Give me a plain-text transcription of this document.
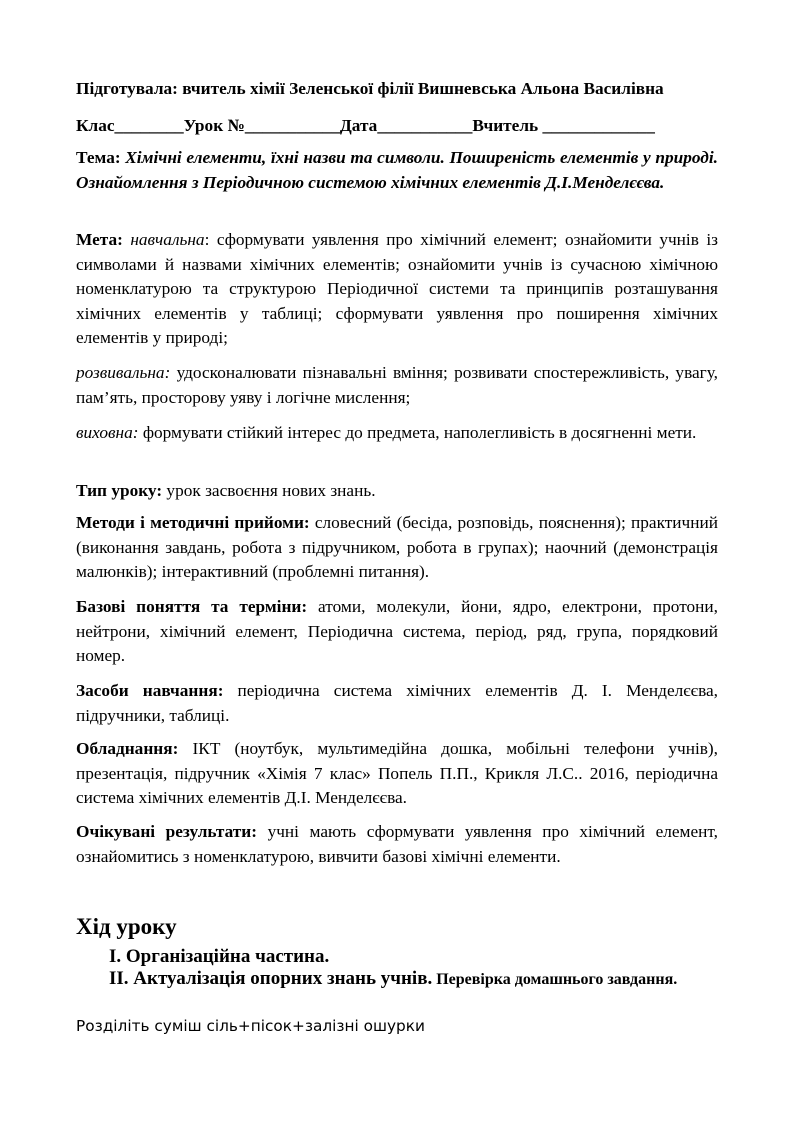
Підготувала: вчитель хімії Зеленської філії Вишневська Альона Василівна

Клас________Урок №___________Дата___________Вчитель _____________

Тема: Хімічні елементи, їхні назви та символи. Поширеність елементів у природі. Ознайомлення з Періодичною системою хімічних елементів Д.І.Менделєєва.

Мета: навчальна: сформувати уявлення про хімічний елемент; ознайомити учнів із символами й назвами хімічних елементів; ознайомити учнів із сучасною хімічною номенклатурою та структурою Періодичної системи та принципів розташування хімічних елементів у таблиці; сформувати уявлення про поширення хімічних елементів у природі;

розвивальна: удосконалювати пізнавальні вміння; розвивати спостережливість, увагу, пам’ять, просторову уяву і логічне мислення;

виховна: формувати стійкий інтерес до предмета, наполегливість в досягненні мети.

Тип уроку: урок засвоєння нових знань.

Методи і методичні прийоми: словесний (бесіда, розповідь, пояснення); практичний (виконання завдань, робота з підручником, робота в групах); наочний (демонстрація малюнків); інтерактивний (проблемні питання).

Базові поняття та терміни: атоми, молекули, йони, ядро, електрони, протони, нейтрони, хімічний елемент, Періодична система, період, ряд, група, порядковий номер.

Засоби навчання: періодична система хімічних елементів Д. І. Менделєєва, підручники, таблиці.

Обладнання: ІКТ (ноутбук, мультимедійна дошка, мобільні телефони учнів), презентація, підручник «Хімія 7 клас» Попель П.П., Крикля Л.С.. 2016, періодична система хімічних елементів Д.І. Менделєєва.

Очікувані результати: учні мають сформувати уявлення про хімічний елемент, ознайомитись з номенклатурою, вивчити базові хімічні елементи.

Хід уроку

І. Організаційна частина.

ІІ. Актуалізація опорних знань учнів. Перевірка домашнього завдання.

Розділіть суміш сіль+пісок+залізні ошурки
